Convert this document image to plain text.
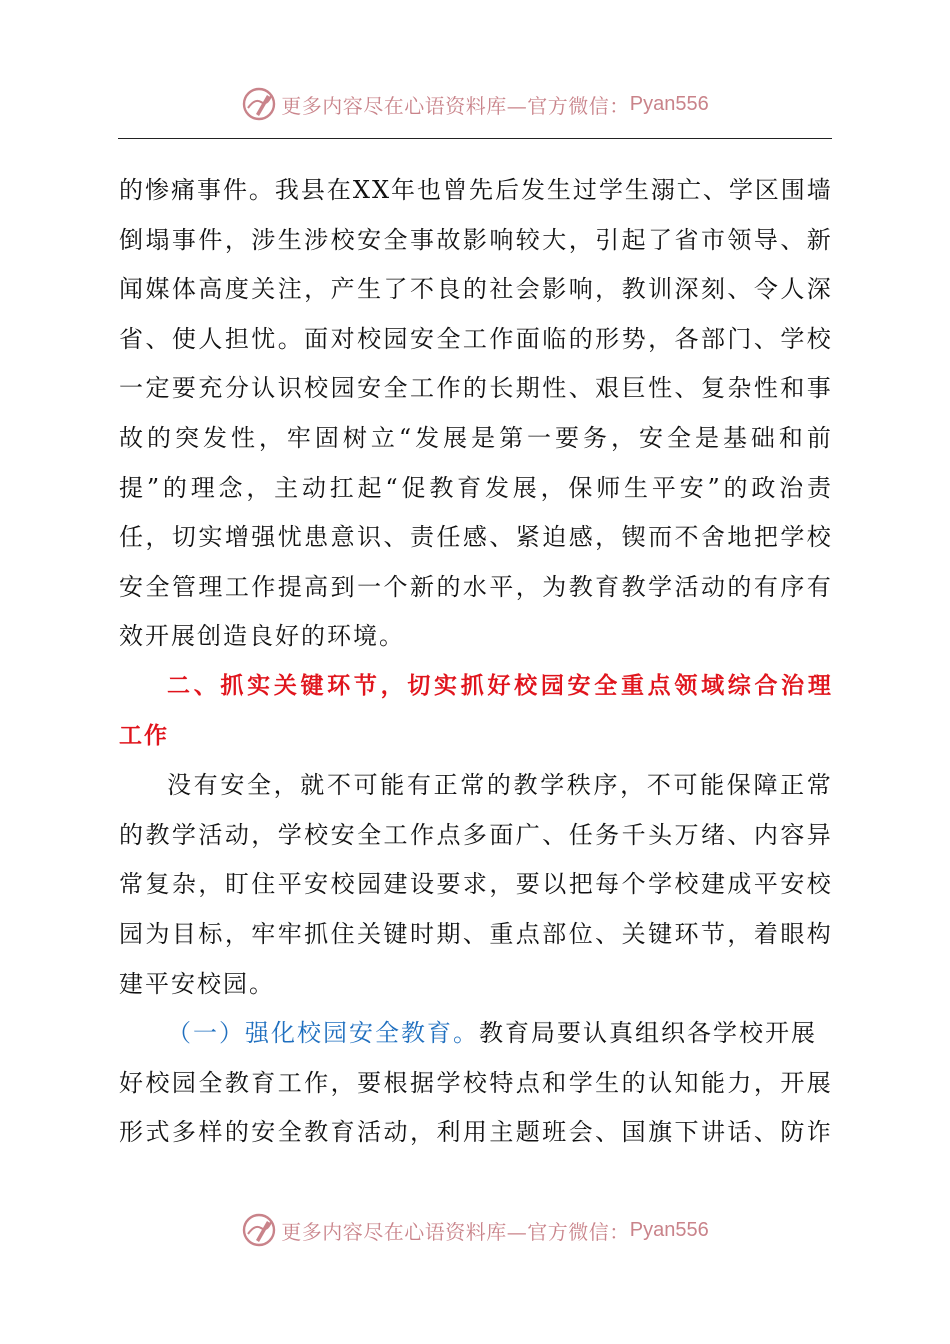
更多内容尽在心语资料库—官方微信： Pyan556
的 惨 痛 事 件 。 我 县 在 X X 年 也 曾 先 后 发 生 过 学 生 溺 亡 、 学 区 围 墙
倒 塌 事 件 ， 涉 生 涉 校 安 全 事 故 影 响 较 大 ， 引 起 了 省 市 领 导 、 新
闻 媒 体 高 度 关 注 ， 产 生 了 不 良 的 社 会 影 响 ， 教 训 深 刻 、 令 人 深
省 、 使 人 担 忧 。 面 对 校 园 安 全 工 作 面 临 的 形 势 ， 各 部 门 、 学 校
一 定 要 充 分 认 识 校 园 安 全 工 作 的 长 期 性 、 艰 巨 性 、 复 杂 性 和 事
故 的 突 发 性 ， 牢 固 树 立 “ 发 展 是 第 一 要 务 ， 安 全 是 基 础 和 前
提 ” 的 理 念 ， 主 动 扛 起 “ 促 教 育 发 展 ， 保 师 生 平 安 ” 的 政 治 责
任 ， 切 实 增 强 忧 患 意 识 、 责 任 感 、 紧 迫 感 ， 锲 而 不 舍 地 把 学 校
安 全 管 理 工 作 提 高 到 一 个 新 的 水 平 ， 为 教 育 教 学 活 动 的 有 序 有
效开展创造良好的环境。
二 、 抓 实 关 键 环 节 ， 切 实 抓 好 校 园 安 全 重 点 领 域 综 合 治 理
工作
没 有 安 全 ， 就 不 可 能 有 正 常 的 教 学 秩 序 ， 不 可 能 保 障 正 常
的 教 学 活 动 ， 学 校 安 全 工 作 点 多 面 广 、 任 务 千 头 万 绪 、 内 容 异
常 复 杂 ， 盯 住 平 安 校 园 建 设 要 求 ， 要 以 把 每 个 学 校 建 成 平 安 校
园 为 目 标 ， 牢 牢 抓 住 关 键 时 期 、 重 点 部 位 、 关 键 环 节 ， 着 眼 构
建平安校园。
（一）强化校园安全教育。 教育局要认真组织各学校开展
好 校 园 全 教 育 工 作 ， 要 根 据 学 校 特 点 和 学 生 的 认 知 能 力 ， 开 展
形 式 多 样 的 安 全 教 育 活 动 ， 利 用 主 题 班 会 、 国 旗 下 讲 话 、 防 诈
更多内容尽在心语资料库—官方微信： Pyan556
